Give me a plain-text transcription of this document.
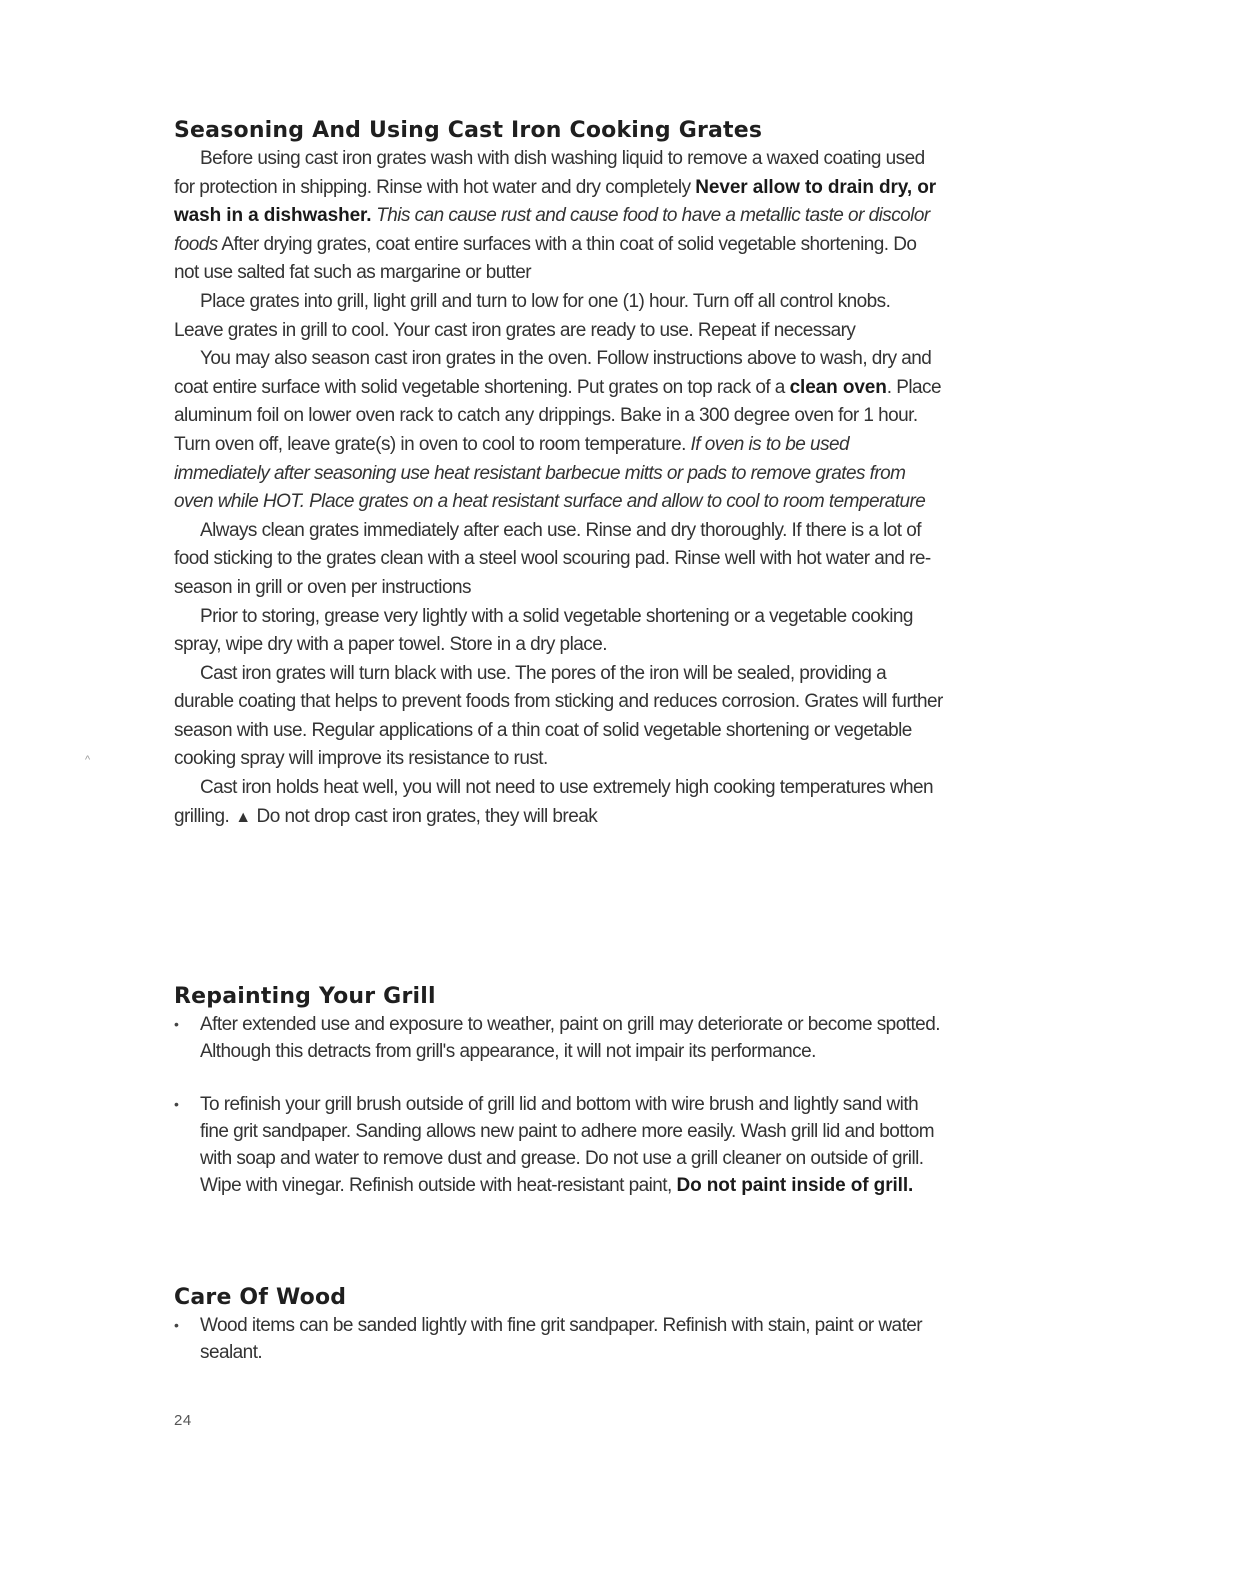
Seasoning And Using Cast Iron Cooking Grates

Before using cast iron grates wash with dish washing liquid to remove a waxed coating used for protection in shipping. Rinse with hot water and dry completely Never allow to drain dry, or wash in a dishwasher. This can cause rust and cause food to have a metallic taste or discolor foods After drying grates, coat entire surfaces with a thin coat of solid vegetable shortening. Do not use salted fat such as margarine or butter

Place grates into grill, light grill and turn to low for one (1) hour. Turn off all control knobs. Leave grates in grill to cool. Your cast iron grates are ready to use. Repeat if necessary

You may also season cast iron grates in the oven. Follow instructions above to wash, dry and coat entire surface with solid vegetable shortening. Put grates on top rack of a clean oven. Place aluminum foil on lower oven rack to catch any drippings. Bake in a 300 degree oven for 1 hour. Turn oven off, leave grate(s) in oven to cool to room temperature. If oven is to be used immediately after seasoning use heat resistant barbecue mitts or pads to remove grates from oven while HOT. Place grates on a heat resistant surface and allow to cool to room temperature

Always clean grates immediately after each use. Rinse and dry thoroughly. If there is a lot of food sticking to the grates clean with a steel wool scouring pad. Rinse well with hot water and re-season in grill or oven per instructions

Prior to storing, grease very lightly with a solid vegetable shortening or a vegetable cooking spray, wipe dry with a paper towel. Store in a dry place.

Cast iron grates will turn black with use. The pores of the iron will be sealed, providing a durable coating that helps to prevent foods from sticking and reduces corrosion. Grates will further season with use. Regular applications of a thin coat of solid vegetable shortening or vegetable cooking spray will improve its resistance to rust.

Cast iron holds heat well, you will not need to use extremely high cooking temperatures when grilling. ▲ Do not drop cast iron grates, they will break

Repainting Your Grill
• After extended use and exposure to weather, paint on grill may deteriorate or become spotted. Although this detracts from grill's appearance, it will not impair its performance.
• To refinish your grill brush outside of grill lid and bottom with wire brush and lightly sand with fine grit sandpaper. Sanding allows new paint to adhere more easily. Wash grill lid and bottom with soap and water to remove dust and grease. Do not use a grill cleaner on outside of grill. Wipe with vinegar. Refinish outside with heat-resistant paint, Do not paint inside of grill.
Care Of Wood
• Wood items can be sanded lightly with fine grit sandpaper. Refinish with stain, paint or water sealant.
^
24
